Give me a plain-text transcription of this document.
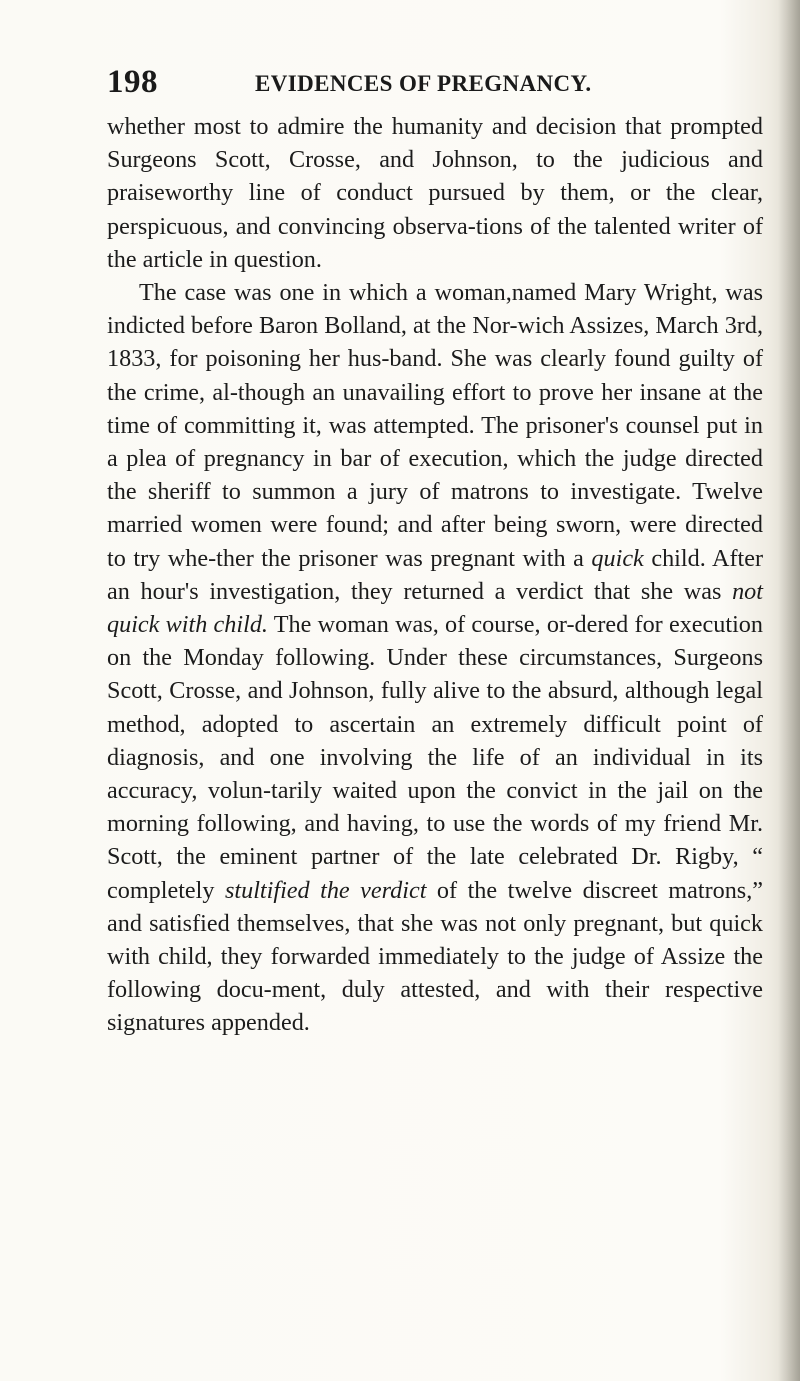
198	EVIDENCES OF PREGNANCY.

whether most to admire the humanity and decision that prompted Surgeons Scott, Crosse, and Johnson, to the judicious and praiseworthy line of conduct pursued by them, or the clear, perspicuous, and convincing observa-tions of the talented writer of the article in question.

The case was one in which a woman,named Mary Wright, was indicted before Baron Bolland, at the Nor-wich Assizes, March 3rd, 1833, for poisoning her hus-band. She was clearly found guilty of the crime, al-though an unavailing effort to prove her insane at the time of committing it, was attempted. The prisoner's counsel put in a plea of pregnancy in bar of execution, which the judge directed the sheriff to summon a jury of matrons to investigate. Twelve married women were found; and after being sworn, were directed to try whe-ther the prisoner was pregnant with a quick child. After an hour's investigation, they returned a verdict that she was not quick with child. The woman was, of course, or-dered for execution on the Monday following. Under these circumstances, Surgeons Scott, Crosse, and Johnson, fully alive to the absurd, although legal method, adopted to ascertain an extremely difficult point of diagnosis, and one involving the life of an individual in its accuracy, volun-tarily waited upon the convict in the jail on the morning following, and having, to use the words of my friend Mr. Scott, the eminent partner of the late celebrated Dr. Rigby, “ completely stultified the verdict of the twelve discreet matrons,” and satisfied themselves, that she was not only pregnant, but quick with child, they forwarded immediately to the judge of Assize the following docu-ment, duly attested, and with their respective signatures appended.
